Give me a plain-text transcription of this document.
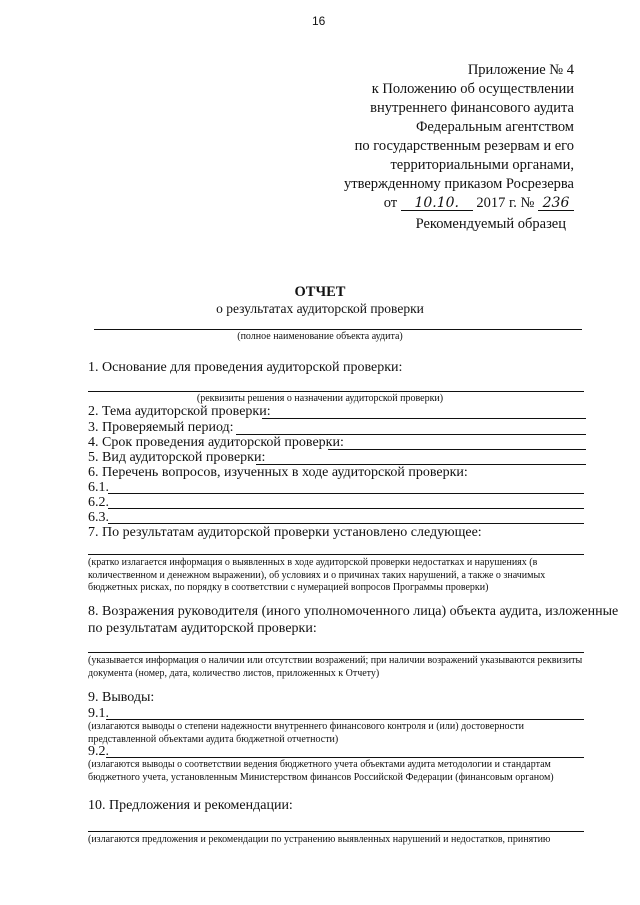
16
Приложение № 4
к Положению об осуществлении
внутреннего финансового аудита
Федеральным агентством
по государственным резервам и его
территориальными органами,
утвержденному приказом Росрезерва
от 10.10. 2017 г. № 236
Рекомендуемый образец
ОТЧЕТ
о результатах аудиторской проверки
(полное наименование объекта аудита)
1. Основание для проведения аудиторской проверки:
(реквизиты решения о назначении аудиторской проверки)
2. Тема аудиторской проверки:
3. Проверяемый период:
4. Срок проведения аудиторской проверки:
5. Вид аудиторской проверки:
6. Перечень вопросов, изученных в ходе аудиторской проверки:
6.1.
6.2.
6.3.
7. По результатам аудиторской проверки установлено следующее:
(кратко излагается информация о выявленных в ходе аудиторской проверки недостатках и нарушениях (в количественном и денежном выражении), об условиях и о причинах таких нарушений, а также о значимых бюджетных рисках, по порядку в соответствии с нумерацией вопросов Программы проверки)
8. Возражения руководителя (иного уполномоченного лица) объекта аудита, изложенные
по результатам аудиторской проверки:
(указывается информация о наличии или отсутствии возражений; при наличии возражений указываются реквизиты документа (номер, дата, количество листов, приложенных к Отчету)
9. Выводы:
9.1.
(излагаются выводы о степени надежности внутреннего финансового контроля и (или) достоверности представленной объектами аудита бюджетной отчетности)
9.2.
(излагаются выводы о соответствии ведения бюджетного учета объектами аудита методологии и стандартам бюджетного учета, установленным Министерством финансов Российской Федерации (финансовым органом)
10. Предложения и рекомендации:
(излагаются предложения и рекомендации по устранению выявленных нарушений и недостатков, принятию
